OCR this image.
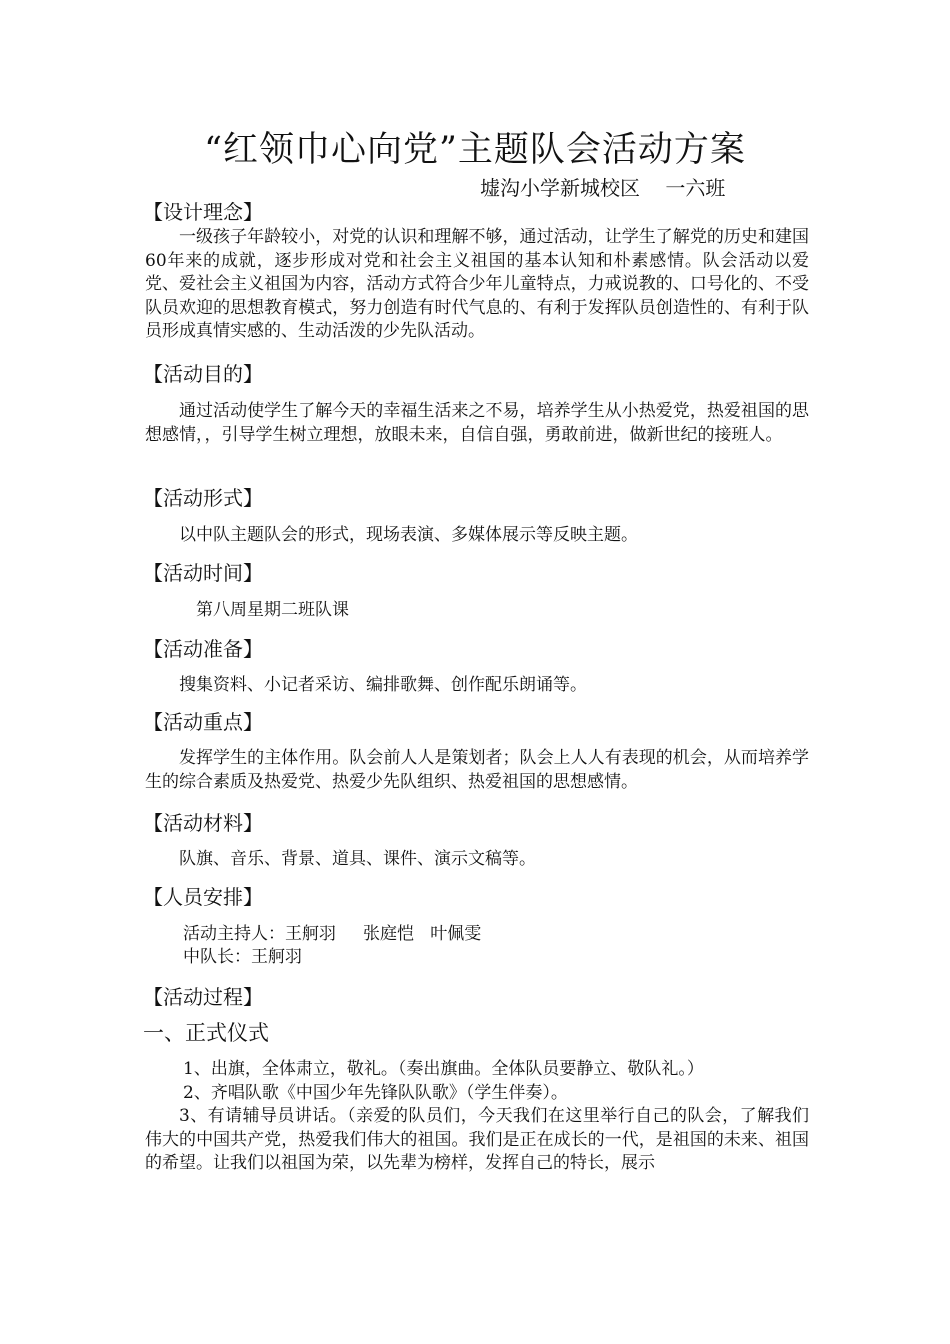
“红领巾心向党”主题队会活动方案
墟沟小学新城校区    一六班
【设计理念】
一级孩子年龄较小，对党的认识和理解不够，通过活动，让学生了解党的历史和建国60年来的成就，逐步形成对党和社会主义祖国的基本认知和朴素感情。队会活动以爱党、爱社会主义祖国为内容，活动方式符合少年儿童特点，力戒说教的、口号化的、不受队员欢迎的思想教育模式，努力创造有时代气息的、有利于发挥队员创造性的、有利于队员形成真情实感的、生动活泼的少先队活动。
【活动目的】
通过活动使学生了解今天的幸福生活来之不易，培养学生从小热爱党，热爱祖国的思想感情，，引导学生树立理想，放眼未来，自信自强，勇敢前进，做新世纪的接班人。
【活动形式】
以中队主题队会的形式，现场表演、多媒体展示等反映主题。
【活动时间】
第八周星期二班队课
【活动准备】
搜集资料、小记者采访、编排歌舞、创作配乐朗诵等。
【活动重点】
发挥学生的主体作用。队会前人人是策划者；队会上人人有表现的机会，从而培养学生的综合素质及热爱党、热爱少先队组织、热爱祖国的思想感情。
【活动材料】
队旗、音乐、背景、道具、课件、演示文稿等。
【人员安排】
活动主持人：王舸羽     张庭恺   叶佩雯
中队长：王舸羽
【活动过程】
一、正式仪式
1、出旗，全体肃立，敬礼。（奏出旗曲。全体队员要静立、敬队礼。）
2、齐唱队歌《中国少年先锋队队歌》（学生伴奏）。
3、有请辅导员讲话。（亲爱的队员们，今天我们在这里举行自己的队会，了解我们伟大的中国共产党，热爱我们伟大的祖国。我们是正在成长的一代，是祖国的未来、祖国的希望。让我们以祖国为荣，以先辈为榜样，发挥自己的特长，展示
